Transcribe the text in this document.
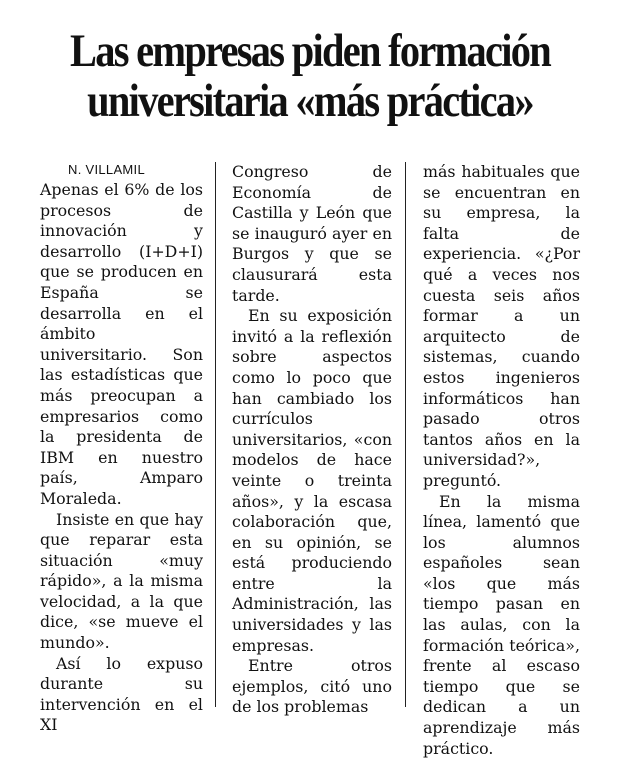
Las empresas piden formación
universitaria «más práctica»

N. VILLAMIL

Apenas el 6% de los procesos de innovación y desarrollo (I+D+I) que se producen en España se desarrolla en el ámbito universitario. Son las estadísticas que más preocupan a empresarios como la presidenta de IBM en nuestro país, Amparo Moraleda.

Insiste en que hay que reparar esta situación «muy rápido», a la misma velocidad, a la que dice, «se mueve el mundo».

Así lo expuso durante su intervención en el XI

Congreso de Economía de Castilla y León que se inauguró ayer en Burgos y que se clausurará esta tarde.

En su exposición invitó a la reflexión sobre aspectos como lo poco que han cambiado los currículos universitarios, «con modelos de hace veinte o treinta años», y la escasa colaboración que, en su opinión, se está produciendo entre la Administración, las universidades y las empresas.

Entre otros ejemplos, citó uno de los problemas

más habituales que se encuentran en su empresa, la falta de experiencia. «¿Por qué a veces nos cuesta seis años formar a un arquitecto de sistemas, cuando estos ingenieros informáticos han pasado otros tantos años en la universidad?», preguntó.

En la misma línea, lamentó que los alumnos españoles sean «los que más tiempo pasan en las aulas, con la formación teórica», frente al escaso tiempo que se dedican a un aprendizaje más práctico.
